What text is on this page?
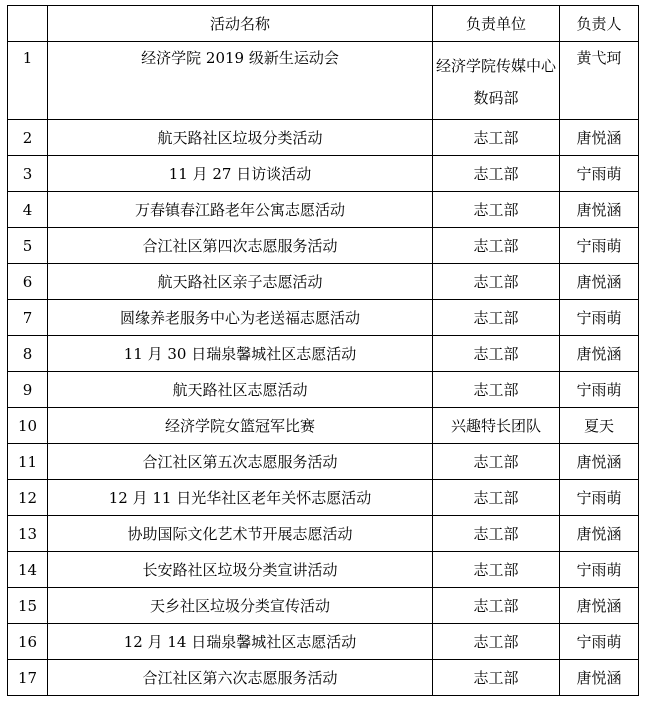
	活动名称	负责单位	负责人
1	经济学院 2019 级新生运动会	经济学院传媒中心数码部	黄弋珂
2	航天路社区垃圾分类活动	志工部	唐悦涵
3	11 月 27 日访谈活动	志工部	宁雨萌
4	万春镇春江路老年公寓志愿活动	志工部	唐悦涵
5	合江社区第四次志愿服务活动	志工部	宁雨萌
6	航天路社区亲子志愿活动	志工部	唐悦涵
7	圆缘养老服务中心为老送福志愿活动	志工部	宁雨萌
8	11 月 30 日瑞泉馨城社区志愿活动	志工部	唐悦涵
9	航天路社区志愿活动	志工部	宁雨萌
10	经济学院女篮冠军比赛	兴趣特长团队	夏天
11	合江社区第五次志愿服务活动	志工部	唐悦涵
12	12 月 11 日光华社区老年关怀志愿活动	志工部	宁雨萌
13	协助国际文化艺术节开展志愿活动	志工部	唐悦涵
14	长安路社区垃圾分类宣讲活动	志工部	宁雨萌
15	天乡社区垃圾分类宣传活动	志工部	唐悦涵
16	12 月 14 日瑞泉馨城社区志愿活动	志工部	宁雨萌
17	合江社区第六次志愿服务活动	志工部	唐悦涵
